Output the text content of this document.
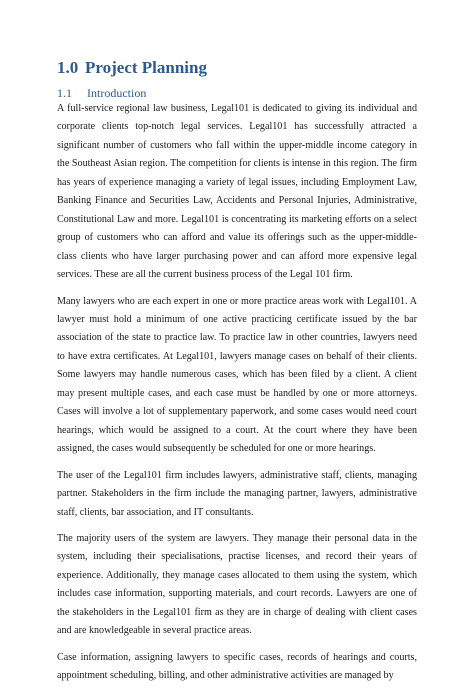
1.0 Project Planning
1.1 Introduction

A full-service regional law business, Legal101 is dedicated to giving its individual and corporate clients top-notch legal services. Legal101 has successfully attracted a significant number of customers who fall within the upper-middle income category in the Southeast Asian region. The competition for clients is intense in this region. The firm has years of experience managing a variety of legal issues, including Employment Law, Banking Finance and Securities Law, Accidents and Personal Injuries, Administrative, Constitutional Law and more. Legal101 is concentrating its marketing efforts on a select group of customers who can afford and value its offerings such as the upper-middle-class clients who have larger purchasing power and can afford more expensive legal services. These are all the current business process of the Legal 101 firm.

Many lawyers who are each expert in one or more practice areas work with Legal101. A lawyer must hold a minimum of one active practicing certificate issued by the bar association of the state to practice law. To practice law in other countries, lawyers need to have extra certificates. At Legal101, lawyers manage cases on behalf of their clients. Some lawyers may handle numerous cases, which has been filed by a client. A client may present multiple cases, and each case must be handled by one or more attorneys. Cases will involve a lot of supplementary paperwork, and some cases would need court hearings, which would be assigned to a court. At the court where they have been assigned, the cases would subsequently be scheduled for one or more hearings.

The user of the Legal101 firm includes lawyers, administrative staff, clients, managing partner. Stakeholders in the firm include the managing partner, lawyers, administrative staff, clients, bar association, and IT consultants.

The majority users of the system are lawyers. They manage their personal data in the system, including their specialisations, practise licenses, and record their years of experience. Additionally, they manage cases allocated to them using the system, which includes case information, supporting materials, and court records. Lawyers are one of the stakeholders in the Legal101 firm as they are in charge of dealing with client cases and are knowledgeable in several practice areas.

Case information, assigning lawyers to specific cases, records of hearings and courts, appointment scheduling, billing, and other administrative activities are managed by
